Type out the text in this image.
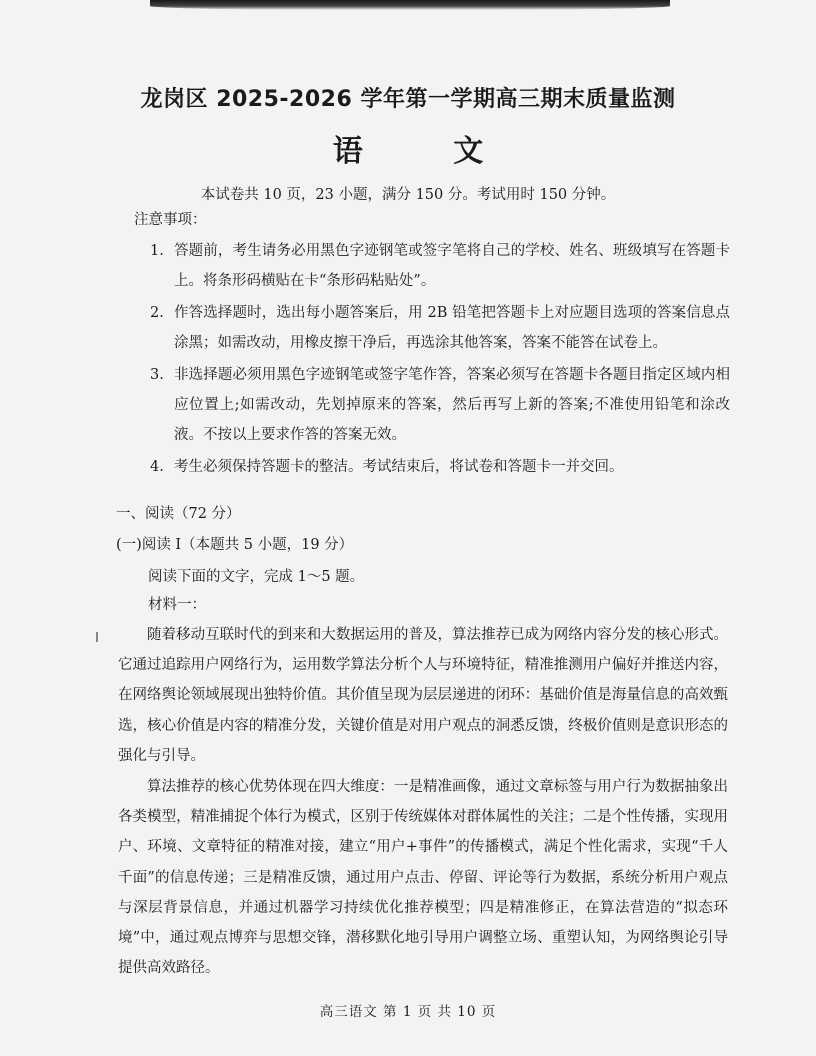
龙岗区 2025-2026 学年第一学期高三期末质量监测
语 文
本试卷共 10 页，23 小题，满分 150 分。考试用时 150 分钟。
注意事项：
1. 答题前，考生请务必用黑色字迹钢笔或签字笔将自己的学校、姓名、班级填写在答题卡上。将条形码横贴在卡“条形码粘贴处”。
2. 作答选择题时，选出每小题答案后，用 2B 铅笔把答题卡上对应题目选项的答案信息点涂黑；如需改动，用橡皮擦干净后，再选涂其他答案，答案不能答在试卷上。
3. 非选择题必须用黑色字迹钢笔或签字笔作答，答案必须写在答题卡各题目指定区域内相应位置上;如需改动，先划掉原来的答案，然后再写上新的答案;不准使用铅笔和涂改液。不按以上要求作答的答案无效。
4. 考生必须保持答题卡的整洁。考试结束后，将试卷和答题卡一并交回。
一、阅读（72 分）
(一)阅读 I（本题共 5 小题，19 分）
阅读下面的文字，完成 1～5 题。
材料一：

随着移动互联时代的到来和大数据运用的普及，算法推荐已成为网络内容分发的核心形式。它通过追踪用户网络行为，运用数学算法分析个人与环境特征，精准推测用户偏好并推送内容，在网络舆论领域展现出独特价值。其价值呈现为层层递进的闭环：基础价值是海量信息的高效甄选，核心价值是内容的精准分发，关键价值是对用户观点的洞悉反馈，终极价值则是意识形态的强化与引导。

算法推荐的核心优势体现在四大维度：一是精准画像，通过文章标签与用户行为数据抽象出各类模型，精准捕捉个体行为模式，区别于传统媒体对群体属性的关注；二是个性传播，实现用户、环境、文章特征的精准对接，建立“用户+事件”的传播模式，满足个性化需求，实现“千人千面”的信息传递；三是精准反馈，通过用户点击、停留、评论等行为数据，系统分析用户观点与深层背景信息，并通过机器学习持续优化推荐模型；四是精准修正，在算法营造的“拟态环境”中，通过观点博弈与思想交锋，潜移默化地引导用户调整立场、重塑认知，为网络舆论引导提供高效路径。

高三语文 第 1 页 共 10 页
